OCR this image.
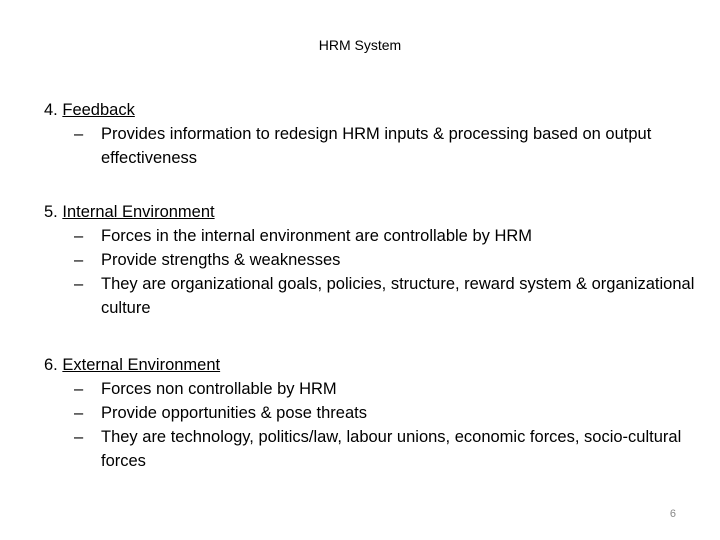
HRM System
4. Feedback
– Provides information to redesign HRM inputs & processing based on output effectiveness
5. Internal Environment
– Forces in the internal environment are controllable by HRM
– Provide strengths & weaknesses
– They are organizational goals, policies, structure, reward system & organizational culture
6. External Environment
– Forces non controllable by HRM
– Provide opportunities & pose threats
– They are technology, politics/law, labour unions, economic forces, socio-cultural forces
6
